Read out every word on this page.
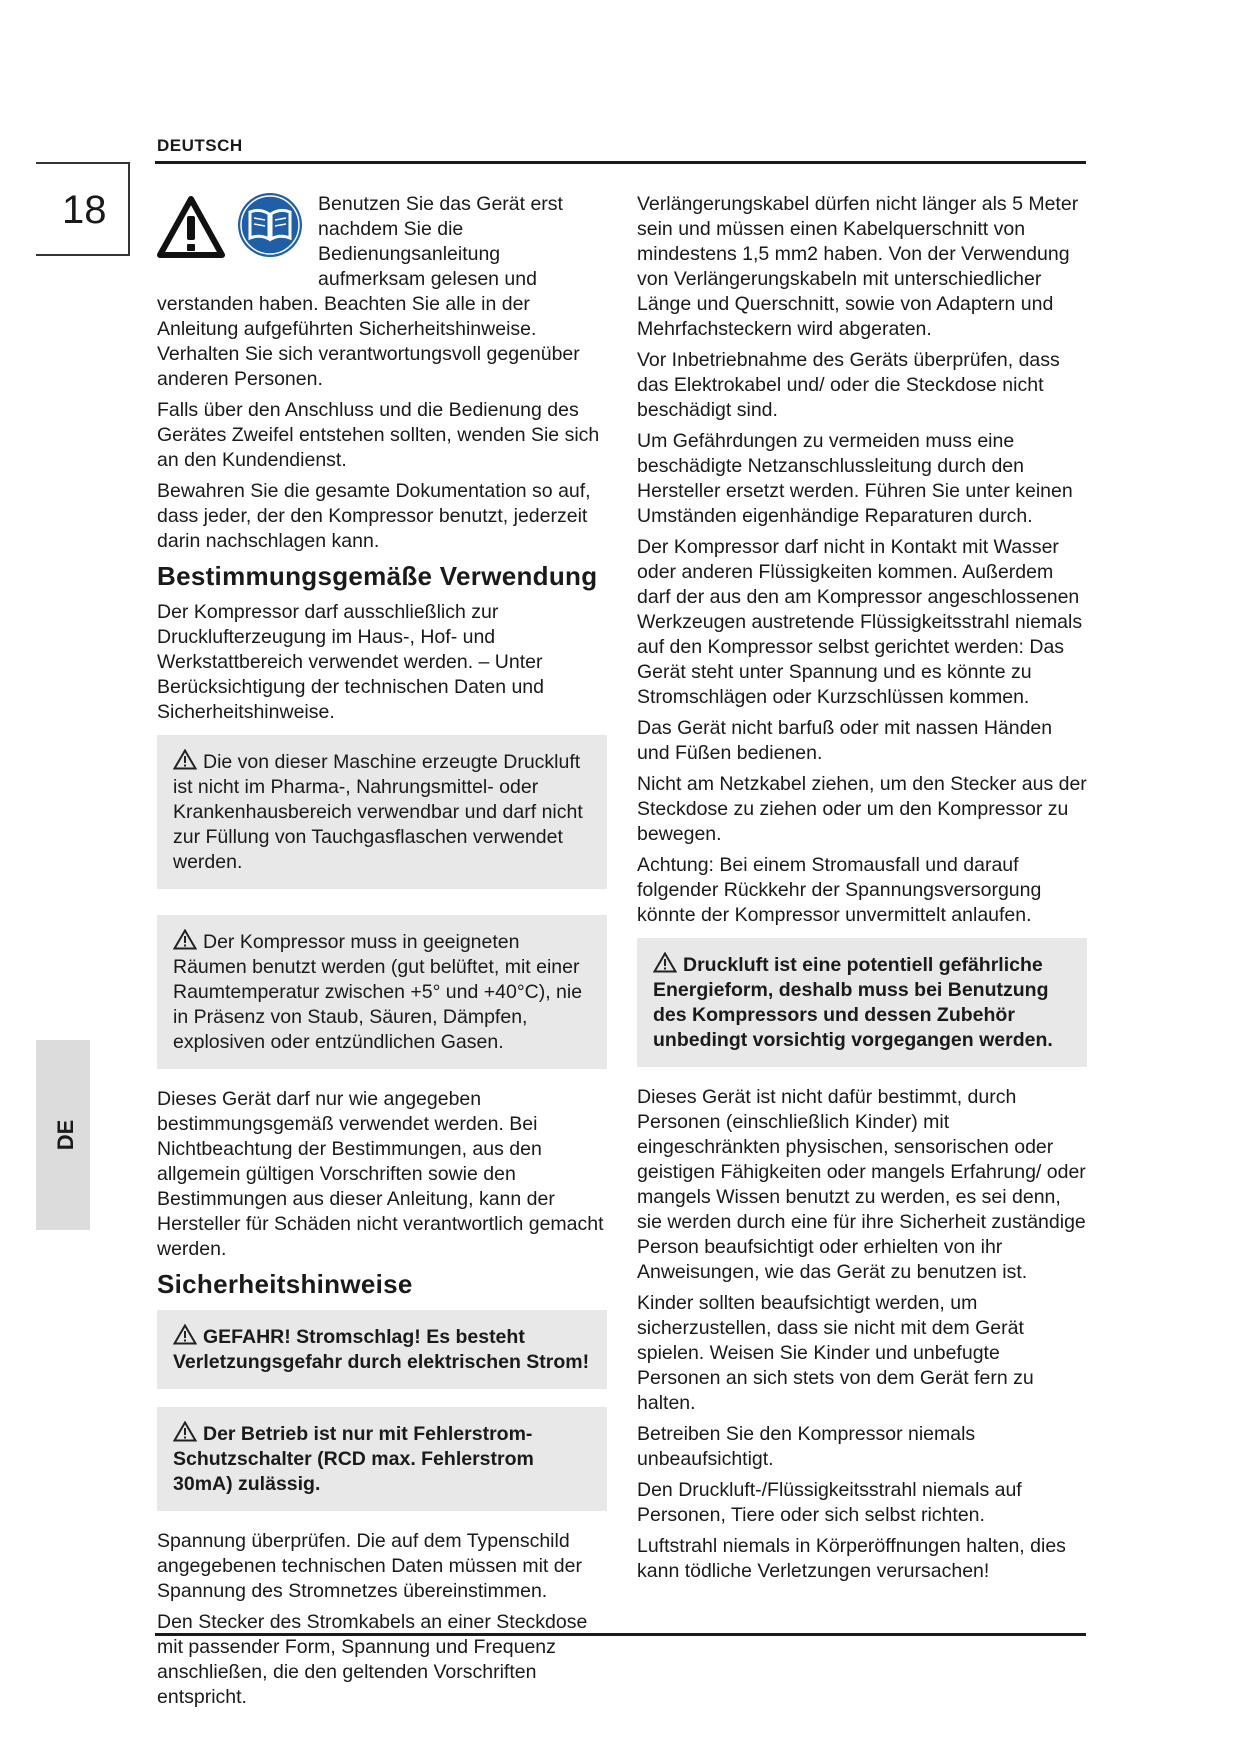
DEUTSCH
18
DE

Benutzen Sie das Gerät erst nachdem Sie die Bedienungsanleitung aufmerksam gelesen und verstanden haben. Beachten Sie alle in der Anleitung aufgeführten Sicherheitshinweise. Verhalten Sie sich verantwortungsvoll gegenüber anderen Personen.

Falls über den Anschluss und die Bedienung des Gerätes Zweifel entstehen sollten, wenden Sie sich an den Kundendienst.

Bewahren Sie die gesamte Dokumentation so auf, dass jeder, der den Kompressor benutzt, jederzeit darin nachschlagen kann.

Bestimmungsgemäße Verwendung

Der Kompressor darf ausschließlich zur Drucklufterzeugung im Haus-, Hof- und Werkstattbereich verwendet werden. – Unter Berücksichtigung der technischen Daten und Sicherheitshinweise.

Die von dieser Maschine erzeugte Druckluft ist nicht im Pharma-, Nahrungsmittel- oder Krankenhausbereich verwendbar und darf nicht zur Füllung von Tauchgasflaschen verwendet werden.
Der Kompressor muss in geeigneten Räumen benutzt werden (gut belüftet, mit einer Raumtemperatur zwischen +5° und +40°C), nie in Präsenz von Staub, Säuren, Dämpfen, explosiven oder entzündlichen Gasen.

Dieses Gerät darf nur wie angegeben bestimmungsgemäß verwendet werden. Bei Nichtbeachtung der Bestimmungen, aus den allgemein gültigen Vorschriften sowie den Bestimmungen aus dieser Anleitung, kann der Hersteller für Schäden nicht verantwortlich gemacht werden.

Sicherheitshinweise
GEFAHR! Stromschlag! Es besteht Verletzungsgefahr durch elektrischen Strom!
Der Betrieb ist nur mit Fehlerstrom-Schutzschalter (RCD max. Fehlerstrom 30mA) zulässig.

Spannung überprüfen. Die auf dem Typenschild angegebenen technischen Daten müssen mit der Spannung des Stromnetzes übereinstimmen.

Den Stecker des Stromkabels an einer Steckdose mit passender Form, Spannung und Frequenz anschließen, die den geltenden Vorschriften entspricht.

Verlängerungskabel dürfen nicht länger als 5 Meter sein und müssen einen Kabelquerschnitt von mindestens 1,5 mm2 haben. Von der Verwendung von Verlängerungskabeln mit unterschiedlicher Länge und Querschnitt, sowie von Adaptern und Mehrfachsteckern wird abgeraten.

Vor Inbetriebnahme des Geräts überprüfen, dass das Elektrokabel und/ oder die Steckdose nicht beschädigt sind.

Um Gefährdungen zu vermeiden muss eine beschädigte Netzanschlussleitung durch den Hersteller ersetzt werden. Führen Sie unter keinen Umständen eigenhändige Reparaturen durch.

Der Kompressor darf nicht in Kontakt mit Wasser oder anderen Flüssigkeiten kommen. Außerdem darf der aus den am Kompressor angeschlossenen Werkzeugen austretende Flüssigkeitsstrahl niemals auf den Kompressor selbst gerichtet werden: Das Gerät steht unter Spannung und es könnte zu Stromschlägen oder Kurzschlüssen kommen.

Das Gerät nicht barfuß oder mit nassen Händen und Füßen bedienen.

Nicht am Netzkabel ziehen, um den Stecker aus der Steckdose zu ziehen oder um den Kompressor zu bewegen.

Achtung: Bei einem Stromausfall und darauf folgender Rückkehr der Spannungsversorgung könnte der Kompressor unvermittelt anlaufen.

Druckluft ist eine potentiell gefährliche Energieform, deshalb muss bei Benutzung des Kompressors und dessen Zubehör unbedingt vorsichtig vorgegangen werden.

Dieses Gerät ist nicht dafür bestimmt, durch Personen (einschließlich Kinder) mit eingeschränkten physischen, sensorischen oder geistigen Fähigkeiten oder mangels Erfahrung/ oder mangels Wissen benutzt zu werden, es sei denn, sie werden durch eine für ihre Sicherheit zuständige Person beaufsichtigt oder erhielten von ihr Anweisungen, wie das Gerät zu benutzen ist.

Kinder sollten beaufsichtigt werden, um sicherzustellen, dass sie nicht mit dem Gerät spielen. Weisen Sie Kinder und unbefugte Personen an sich stets von dem Gerät fern zu halten.

Betreiben Sie den Kompressor niemals unbeaufsichtigt.

Den Druckluft-/Flüssigkeitsstrahl niemals auf Personen, Tiere oder sich selbst richten.

Luftstrahl niemals in Körperöffnungen halten, dies kann tödliche Verletzungen verursachen!
